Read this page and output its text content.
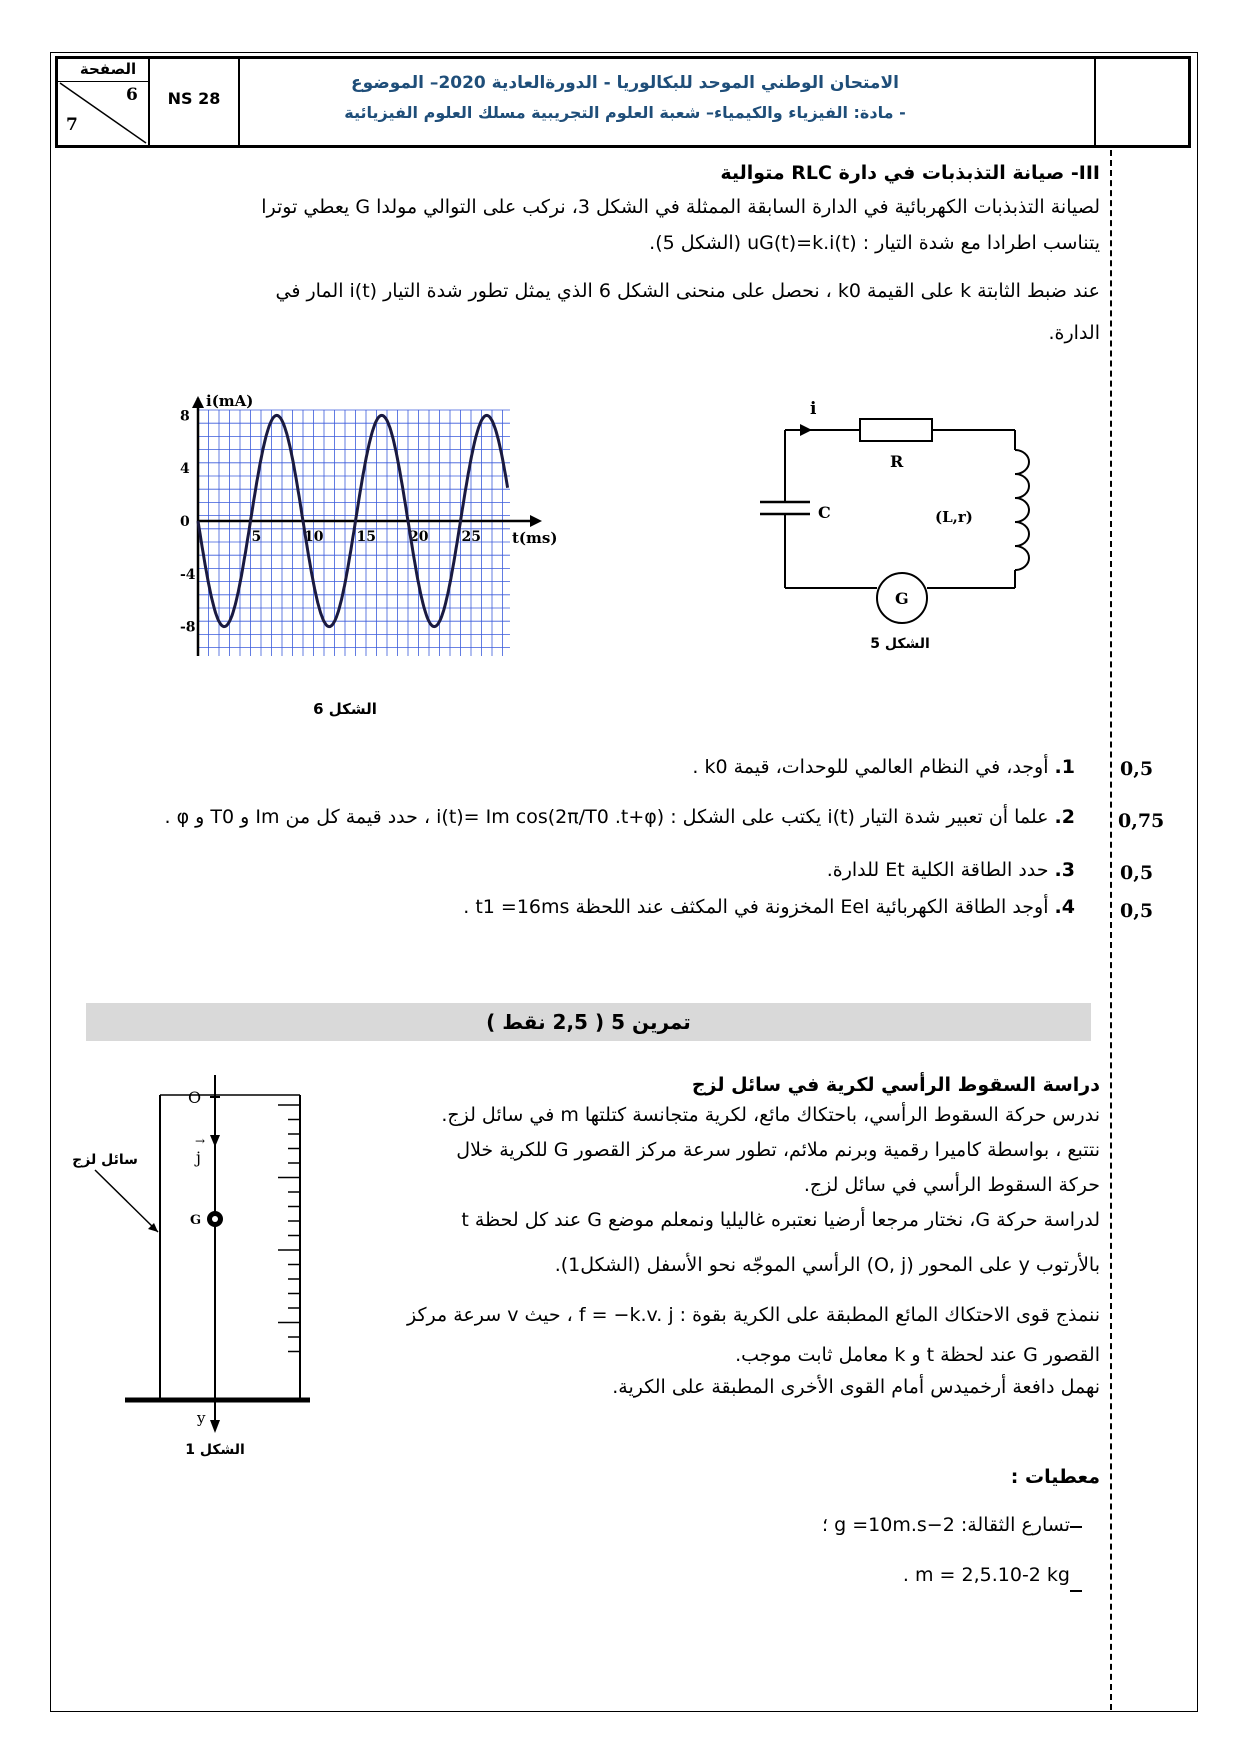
الصفحة
6
7
NS 28
الامتحان الوطني الموحد للبكالوريا - الدورةالعادية 2020– الموضوع
- مادة: الفيزياء والكيمياء– شعبة العلوم التجريبية مسلك العلوم الفيزيائية
III- صيانة التذبذبات في دارة RLC متوالية
لصيانة التذبذبات الكهربائية في الدارة السابقة الممثلة في الشكل 3، نركب على التوالي مولدا G يعطي توترا
يتناسب اطرادا مع شدة التيار : uG(t)=k.i(t) (الشكل 5).
عند ضبط الثابتة k على القيمة k0 ، نحصل على منحنى الشكل 6 الذي يمثل تطور شدة التيار i(t) المار في
الدارة.
8
4
0
-4
-8
5	10 15 20 25
i(mA)
t(ms)
الشكل 6
i
R
C	(L,r)
G
الشكل 5
1. أوجد، في النظام العالمي للوحدات، قيمة k0 .
2. علما أن تعبير شدة التيار i(t) يكتب على الشكل : i(t)= Im cos(2π/T0 .t+φ) ، حدد قيمة كل من Im و T0 و φ .
3. حدد الطاقة الكلية Et للدارة.
4. أوجد الطاقة الكهربائية Eel المخزونة في المكثف عند اللحظة t1 =16ms .
0,5
0,75
0,5
0,5
تمرين 5 ( 2,5 نقط )
دراسة السقوط الرأسي لكرية في سائل لزج
ندرس حركة السقوط الرأسي، باحتكاك مائع، لكرية متجانسة كتلتها m في سائل لزج.
نتتبع ، بواسطة كاميرا رقمية وبرنم ملائم، تطور سرعة مركز القصور G للكرية خلال
حركة السقوط الرأسي في سائل لزج.
لدراسة حركة G، نختار مرجعا أرضيا نعتبره غاليليا ونمعلم موضع G عند كل لحظة t
بالأرتوب y على المحور (O, j) الرأسي الموجّه نحو الأسفل (الشكل1).
ننمذج قوى الاحتكاك المائع المطبقة على الكرية بقوة : f = −k.v. j ، حيث v سرعة مركز
القصور G عند لحظة t و k معامل ثابت موجب.
نهمل دافعة أرخميدس أمام القوى الأخرى المطبقة على الكرية.
معطيات :
تسارع الثقالة: g =10m.s−2 ؛
m = 2,5.10-2 kg .
O
j
→
G
y
سائل لزج
الشكل 1
